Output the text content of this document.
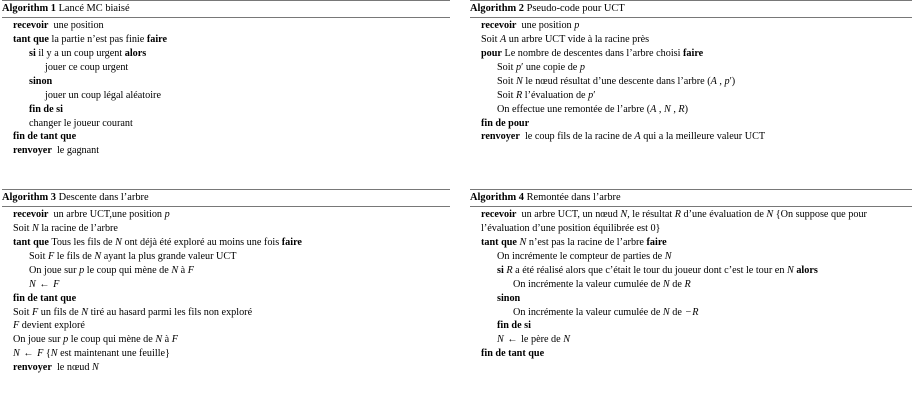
Algorithm 1 Lancé MC biaisé
recevoir  une position
tant que la partie n’est pas finie faire
si il y a un coup urgent alors
jouer ce coup urgent
sinon
jouer un coup légal aléatoire
fin de si
changer le joueur courant
fin de tant que
renvoyer  le gagnant
Algorithm 2 Pseudo-code pour UCT
recevoir  une position p
Soit A un arbre UCT vide à la racine près
pour Le nombre de descentes dans l’arbre choisi faire
Soit p′ une copie de p
Soit N le nœud résultat d’une descente dans l’arbre (A , p′)
Soit R l’évaluation de p′
On effectue une remontée de l’arbre (A , N , R)
fin de pour
renvoyer  le coup fils de la racine de A qui a la meilleure valeur UCT
Algorithm 3 Descente dans l’arbre
recevoir  un arbre UCT,une position p
Soit N la racine de l’arbre
tant que Tous les fils de N ont déjà été exploré au moins une fois faire
Soit F le fils de N ayant la plus grande valeur UCT
On joue sur p le coup qui mène de N à F
N ← F
fin de tant que
Soit F un fils de N tiré au hasard parmi les fils non exploré
F devient exploré
On joue sur p le coup qui mène de N à F
N ← F {N est maintenant une feuille}
renvoyer  le nœud N
Algorithm 4 Remontée dans l’arbre
recevoir  un arbre UCT, un nœud N, le résultat R d’une évaluation de N {On suppose que pour l’évaluation d’une position équilibrée est 0}
tant que N n’est pas la racine de l’arbre faire
On incrémente le compteur de parties de N
si R a été réalisé alors que c’était le tour du joueur dont c’est le tour en N alors
On incrémente la valeur cumulée de N de R
sinon
On incrémente la valeur cumulée de N de −R
fin de si
N ← le père de N
fin de tant que
